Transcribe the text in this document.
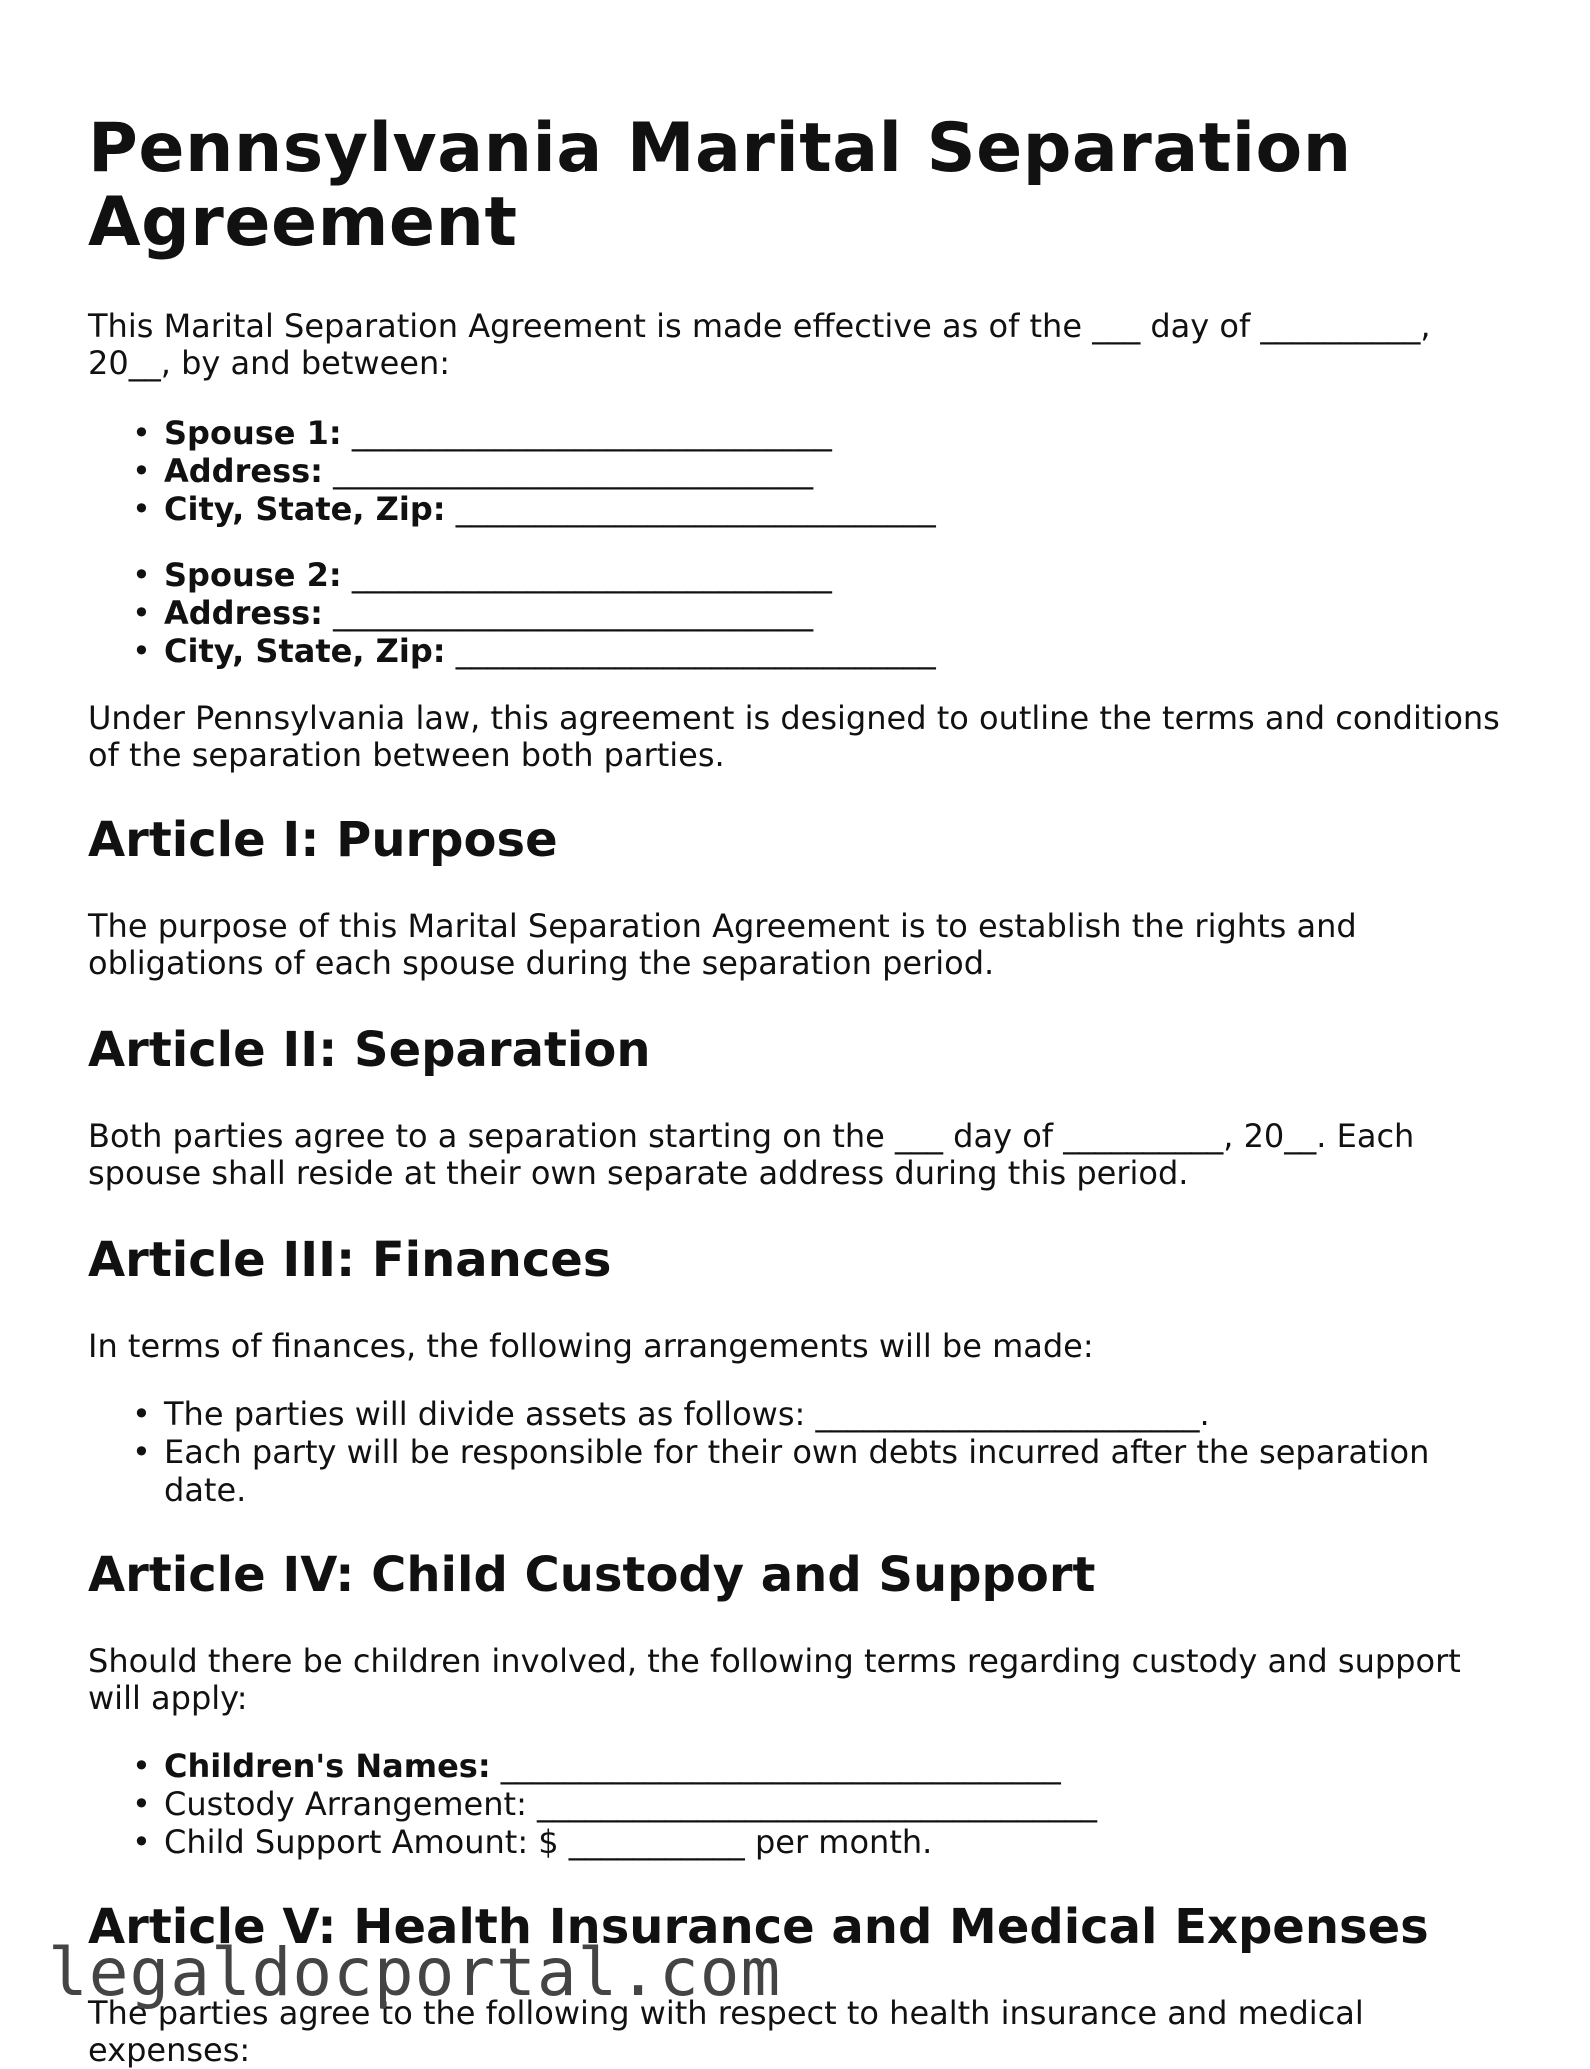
Pennsylvania Marital Separation Agreement

This Marital Separation Agreement is made effective as of the ___ day of __________, 20__, by and between:

• Spouse 1: ______________________________
• Address: ______________________________
• City, State, Zip: ______________________________
• Spouse 2: ______________________________
• Address: ______________________________
• City, State, Zip: ______________________________

Under Pennsylvania law, this agreement is designed to outline the terms and conditions of the separation between both parties.

Article I: Purpose

The purpose of this Marital Separation Agreement is to establish the rights and obligations of each spouse during the separation period.

Article II: Separation

Both parties agree to a separation starting on the ___ day of __________, 20__. Each spouse shall reside at their own separate address during this period.

Article III: Finances

In terms of finances, the following arrangements will be made:

• The parties will divide assets as follows: ________________________.
• Each party will be responsible for their own debts incurred after the separation date.
Article IV: Child Custody and Support

Should there be children involved, the following terms regarding custody and support will apply:

• Children's Names: ___________________________________
• Custody Arrangement: ___________________________________
• Child Support Amount: $ ___________ per month.
Article V: Health Insurance and Medical Expenses

The parties agree to the following with respect to health insurance and medical expenses:

legaldocportal.com
